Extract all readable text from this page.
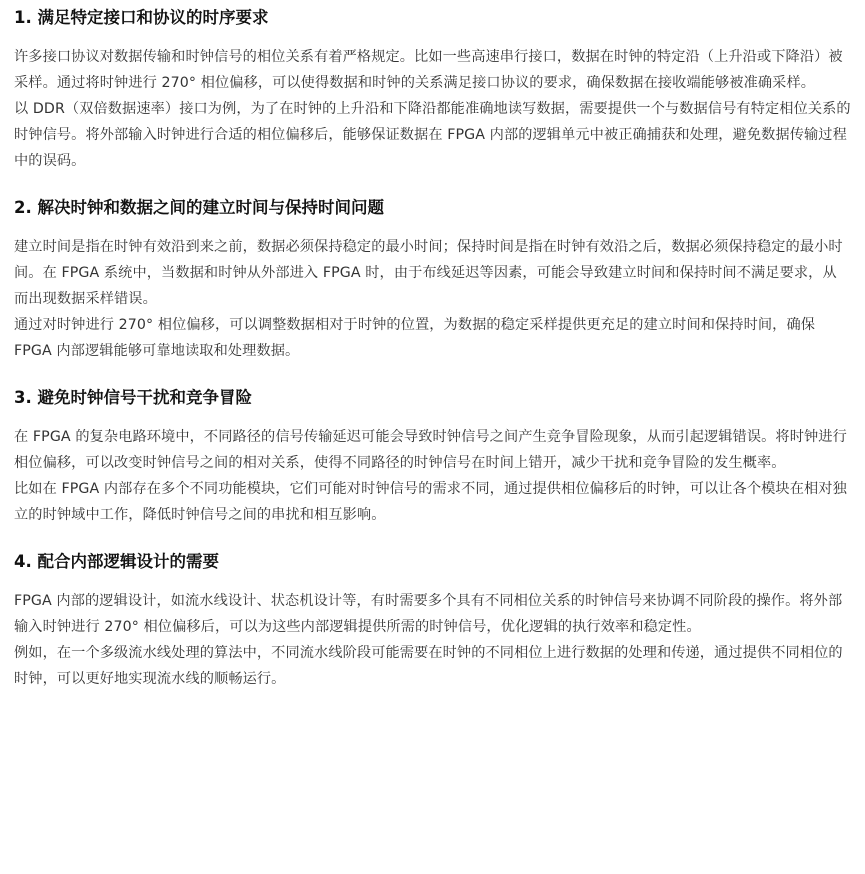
1. 满足特定接口和协议的时序要求

许多接口协议对数据传输和时钟信号的相位关系有着严格规定。比如一些高速串行接口，数据在时钟的特定沿（上升沿或下降沿）被采样。通过将时钟进行 270° 相位偏移，可以使得数据和时钟的关系满足接口协议的要求，确保数据在接收端能够被准确采样。

以 DDR（双倍数据速率）接口为例，为了在时钟的上升沿和下降沿都能准确地读写数据，需要提供一个与数据信号有特定相位关系的时钟信号。将外部输入时钟进行合适的相位偏移后，能够保证数据在 FPGA 内部的逻辑单元中被正确捕获和处理，避免数据传输过程中的误码。

2. 解决时钟和数据之间的建立时间与保持时间问题

建立时间是指在时钟有效沿到来之前，数据必须保持稳定的最小时间；保持时间是指在时钟有效沿之后，数据必须保持稳定的最小时间。在 FPGA 系统中，当数据和时钟从外部进入 FPGA 时，由于布线延迟等因素，可能会导致建立时间和保持时间不满足要求，从而出现数据采样错误。

通过对时钟进行 270° 相位偏移，可以调整数据相对于时钟的位置，为数据的稳定采样提供更充足的建立时间和保持时间，确保 FPGA 内部逻辑能够可靠地读取和处理数据。

3. 避免时钟信号干扰和竞争冒险

在 FPGA 的复杂电路环境中，不同路径的信号传输延迟可能会导致时钟信号之间产生竞争冒险现象，从而引起逻辑错误。将时钟进行相位偏移，可以改变时钟信号之间的相对关系，使得不同路径的时钟信号在时间上错开，减少干扰和竞争冒险的发生概率。

比如在 FPGA 内部存在多个不同功能模块，它们可能对时钟信号的需求不同，通过提供相位偏移后的时钟，可以让各个模块在相对独立的时钟域中工作，降低时钟信号之间的串扰和相互影响。

4. 配合内部逻辑设计的需要

FPGA 内部的逻辑设计，如流水线设计、状态机设计等，有时需要多个具有不同相位关系的时钟信号来协调不同阶段的操作。将外部输入时钟进行 270° 相位偏移后，可以为这些内部逻辑提供所需的时钟信号，优化逻辑的执行效率和稳定性。

例如，在一个多级流水线处理的算法中，不同流水线阶段可能需要在时钟的不同相位上进行数据的处理和传递，通过提供不同相位的时钟，可以更好地实现流水线的顺畅运行。
